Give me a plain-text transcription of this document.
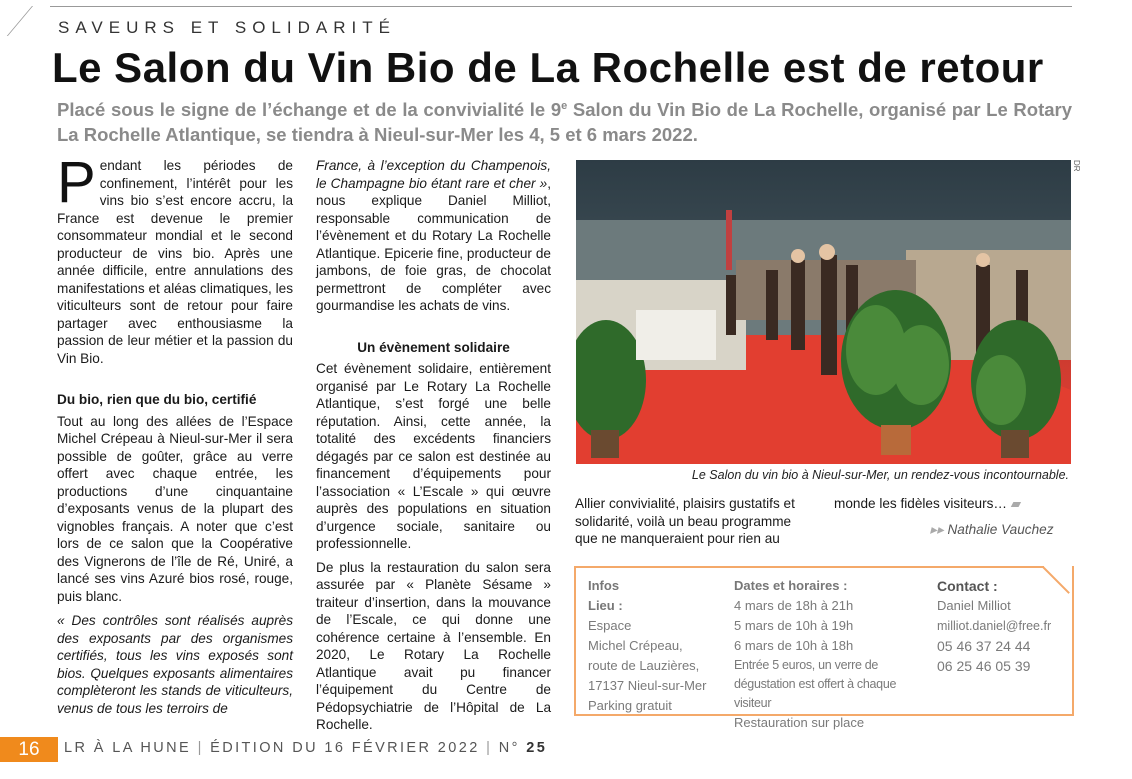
SAVEURS ET SOLIDARITÉ
Le Salon du Vin Bio de La Rochelle est de retour
Placé sous le signe de l’échange et de la convivialité le 9e Salon du Vin Bio de La Rochelle, organisé par Le Rotary La Rochelle Atlantique, se tiendra à Nieul-sur-Mer les 4, 5 et 6 mars 2022.

Pendant les périodes de confinement, l’intérêt pour les vins bio s’est encore accru, la France est devenue le premier consommateur mondial et le second producteur de vins bio. Après une année difficile, entre annulations des manifestations et aléas climatiques, les viticulteurs sont de retour pour faire partager avec enthousiasme la passion de leur métier et la passion du Vin Bio.

Du bio, rien que du bio, certifié

Tout au long des allées de l’Espace Michel Crépeau à Nieul-sur-Mer il sera possible de goûter, grâce au verre offert avec chaque entrée, les productions d’une cinquantaine d’exposants venus de la plupart des vignobles français. A noter que c’est lors de ce salon que la Coopérative des Vignerons de l’île de Ré, Uniré, a lancé ses vins Azuré bios rosé, rouge, puis blanc.

« Des contrôles sont réalisés auprès des exposants par des organismes certifiés, tous les vins exposés sont bios. Quelques exposants alimentaires complèteront les stands de viticulteurs, venus de tous les terroirs de

France, à l’exception du Champenois, le Champagne bio étant rare et cher », nous explique Daniel Milliot, responsable communication de l’évènement et du Rotary La Rochelle Atlantique. Epicerie fine, producteur de jambons, de foie gras, de chocolat permettront de compléter avec gourmandise les achats de vins.

Un évènement solidaire

Cet évènement solidaire, entièrement organisé par Le Rotary La Rochelle Atlantique, s’est forgé une belle réputation. Ainsi, cette année, la totalité des excédents financiers dégagés par ce salon est destinée au financement d’équipements pour l’association « L’Escale » qui œuvre auprès des populations en situation d’urgence sociale, sanitaire ou professionnelle.

De plus la restauration du salon sera assurée par « Planète Sésame » traiteur d’insertion, dans la mouvance de l’Escale, ce qui donne une cohérence certaine à l’ensemble. En 2020, Le Rotary La Rochelle Atlantique avait pu financer l’équipement du Centre de Pédopsychiatrie de l’Hôpital de La Rochelle.

DR
Le Salon du vin bio à Nieul-sur-Mer, un rendez-vous incontournable.
Allier convivialité, plaisirs gustatifs et solidarité, voilà un beau programme que ne manqueraient pour rien au
monde les fidèles visiteurs… ▰
▸▸ Nathalie Vauchez
Infos
Lieu :
Espace
Michel Crépeau,
route de Lauzières,
17137 Nieul-sur-Mer
Parking gratuit
Dates et horaires :
4 mars de 18h à 21h
5 mars de 10h à 19h
6 mars de 10h à 18h
Entrée 5 euros, un verre de dégustation est offert à chaque visiteur
Restauration sur place
Contact :
Daniel Milliot
milliot.daniel@free.fr
05 46 37 24 44
06 25 46 05 39
16	LR À LA HUNE | ÉDITION DU 16 FÉVRIER 2022 | N° 25
